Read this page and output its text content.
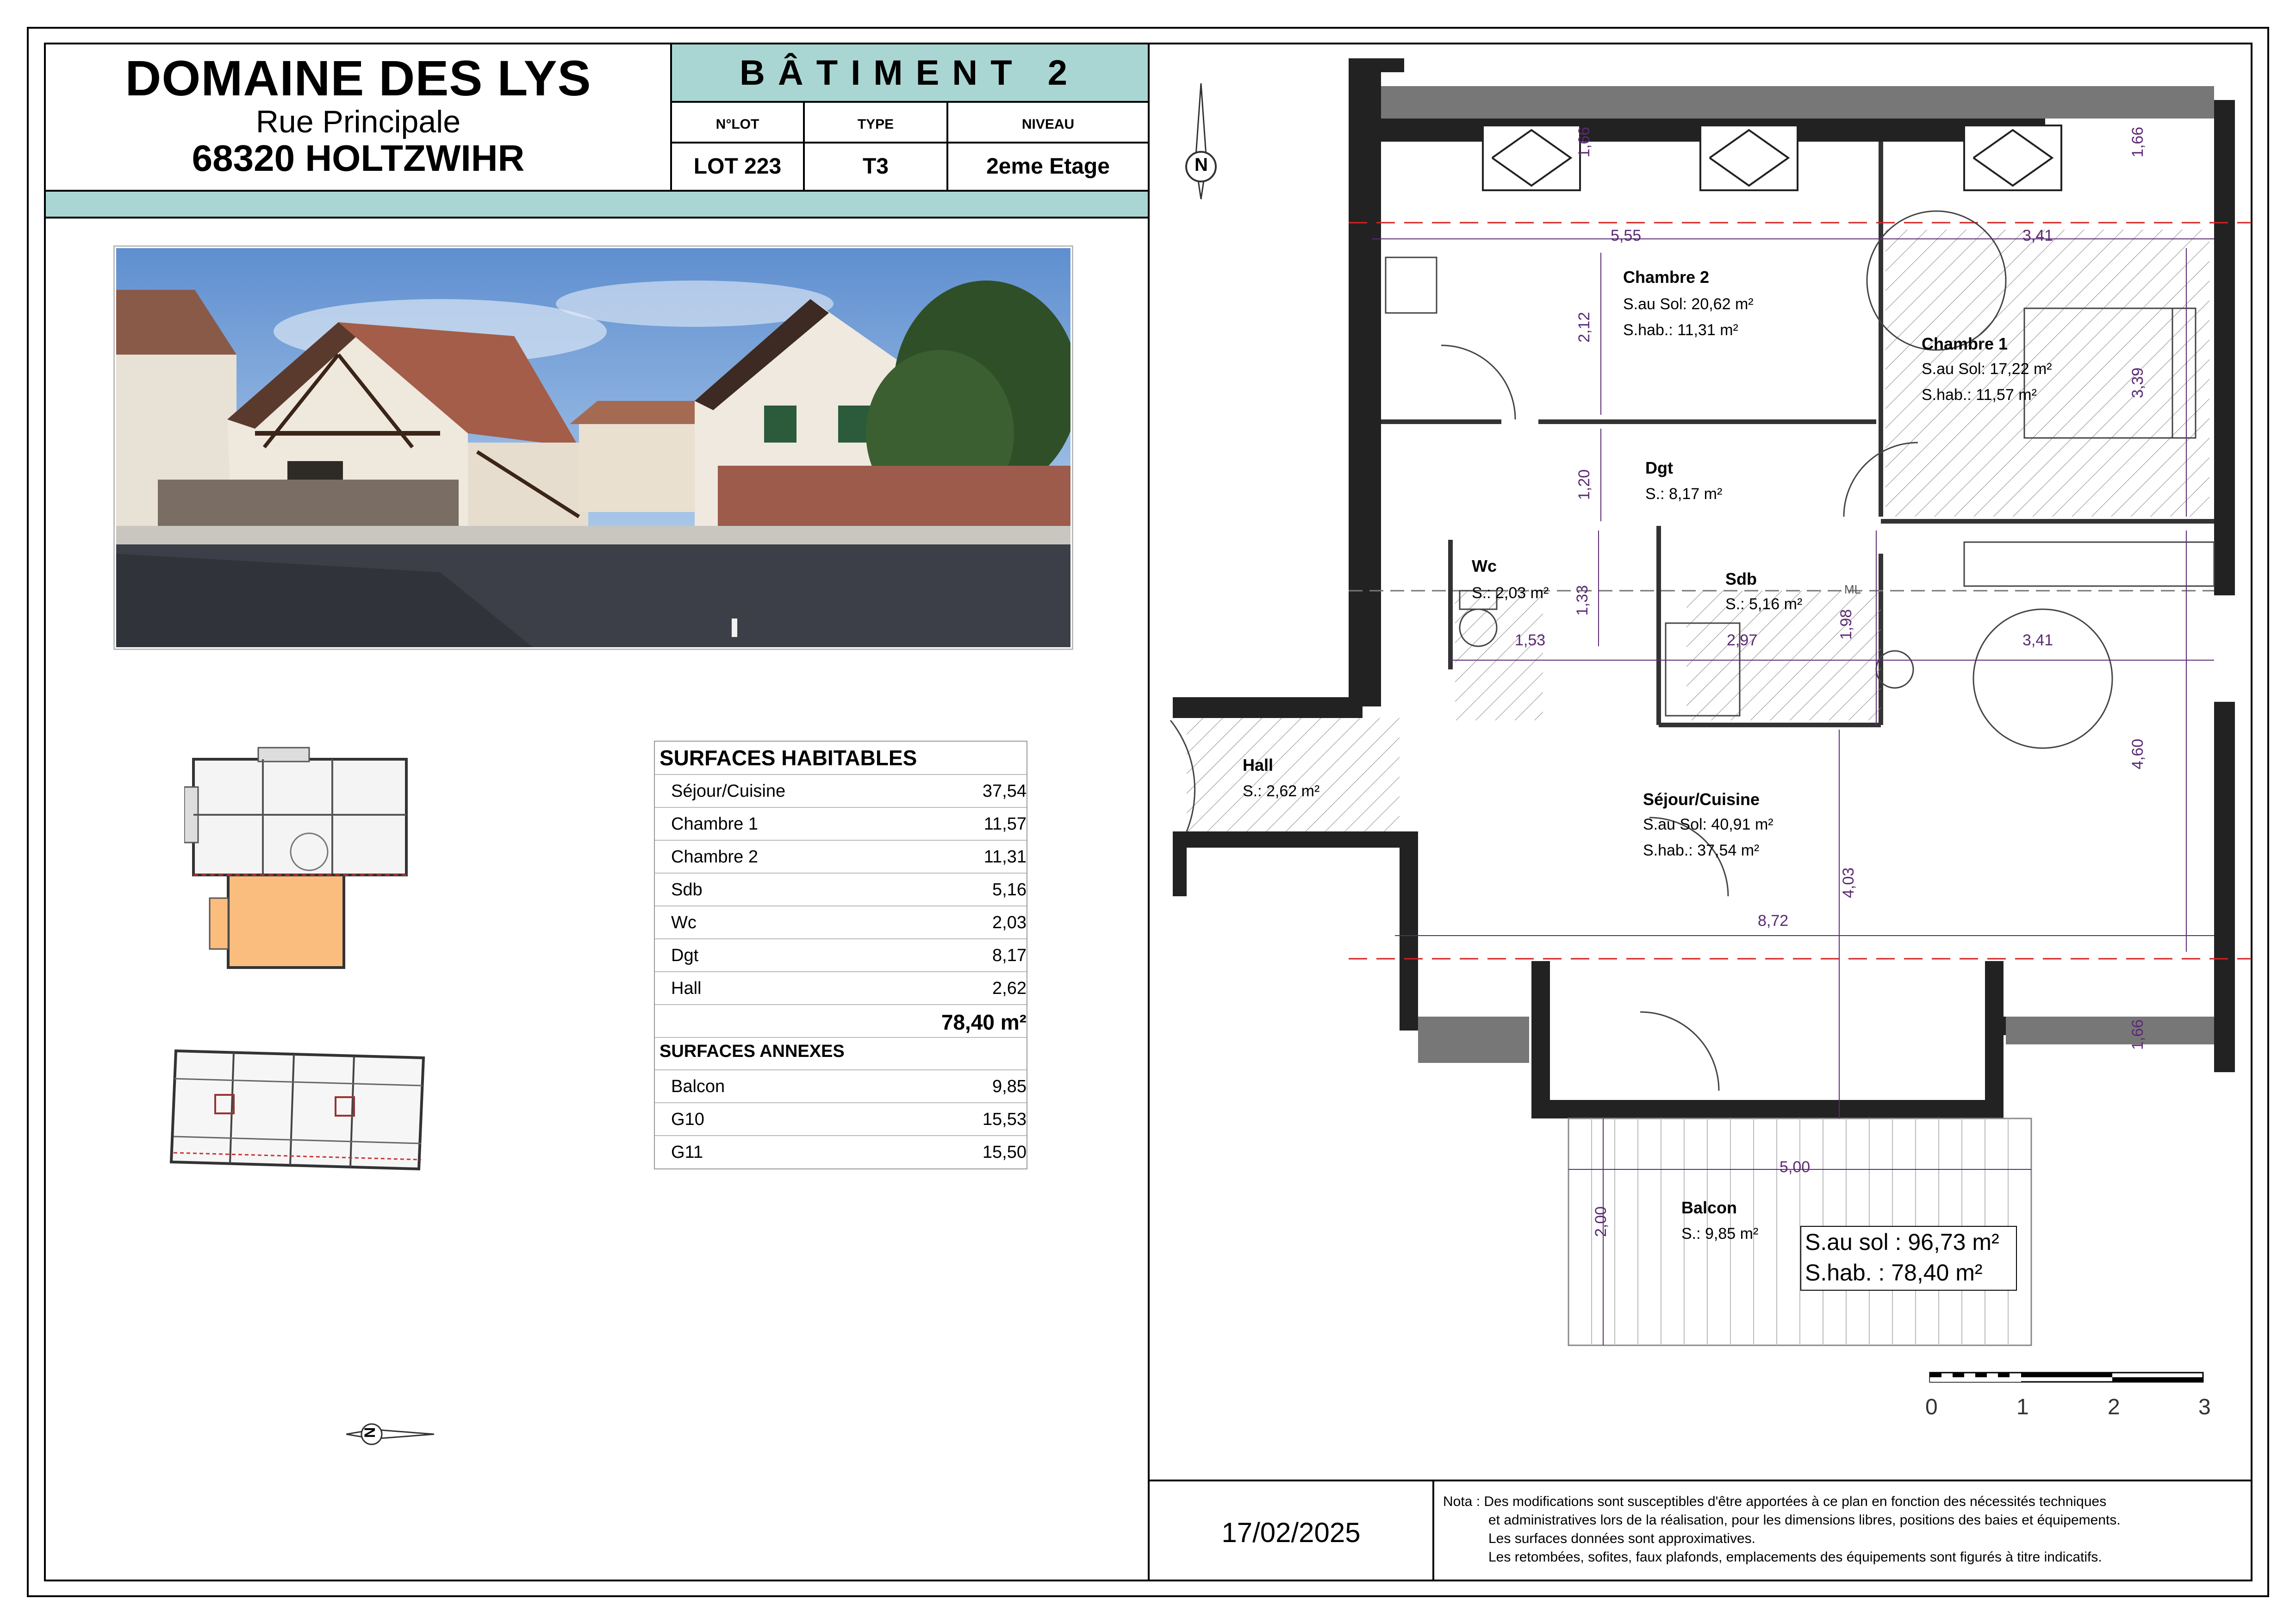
DOMAINE DES LYS
Rue Principale
68320 HOLTZWIHR
BÂTIMENT 2
N°LOT	TYPE	NIVEAU
LOT 223	T3	2eme Etage
N
SURFACES HABITABLES
Séjour/Cuisine	37,54
Chambre 1	11,57
Chambre 2	11,31
Sdb	5,16
Wc	2,03
Dgt	8,17
Hall	2,62
78,40 m²
SURFACES ANNEXES
Balcon	9,85
G10	15,53
G11	15,50
N
Chambre 2
S.au Sol: 20,62 m²
S.hab.: 11,31 m²
Chambre 1
S.au Sol: 17,22 m²
S.hab.: 11,57 m²
Dgt
S.: 8,17 m²
Wc
S.: 2,03 m²
Sdb
S.: 5,16 m²
ML
Hall
S.: 2,62 m²	Séjour/Cuisine
S.au Sol: 40,91 m²
S.hab.: 37,54 m²
Balcon
S.: 9,85 m²
5,55	3,41
2,12
3,39
1,20
1,33
1,53	2,97
1,98
3,41
4,60
4,03
8,72
5,00
2,00
1,66	1,66
1,66
S.au sol : 96,73 m²
S.hab. : 78,40 m²
0	1	2	3
17/02/2025
Nota : Des modifications sont susceptibles d'être apportées à ce plan en fonction des nécessités techniques
et administratives lors de la réalisation, pour les dimensions libres, positions des baies et équipements.
Les surfaces données sont approximatives.
Les retombées, sofites, faux plafonds, emplacements des équipements sont figurés à titre indicatifs.
